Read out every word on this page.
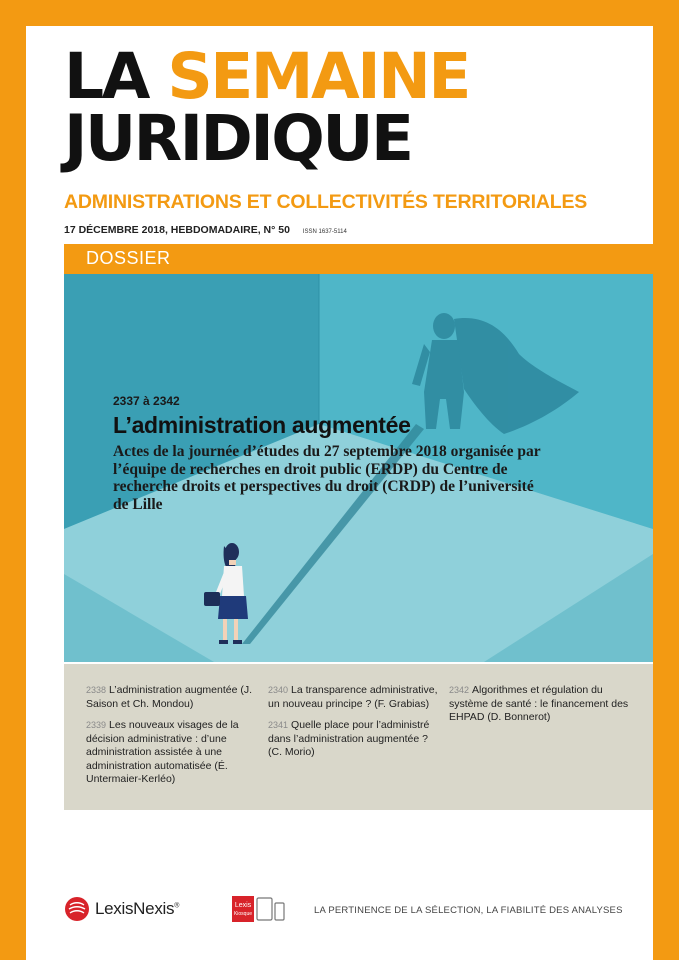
LA SEMAINE
JURIDIQUE
ADMINISTRATIONS ET COLLECTIVITÉS TERRITORIALES
17 DÉCEMBRE 2018, HEBDOMADAIRE, N° 50 ISSN 1637-5114
DOSSIER
2337 à 2342
L’administration augmentée
Actes de la journée d’études du 27 septembre 2018 organisée par l’équipe de recherches en droit public (ERDP) du Centre de recherche droits et perspectives du droit (CRDP) de l’université de Lille
2338 L’administration augmentée (J. Saison et Ch. Mondou)
2339 Les nouveaux visages de la décision administrative : d’une administration assistée à une administration automatisée (É. Untermaier-Kerléo)
2340 La transparence administrative, un nouveau principe ? (F. Grabias)
2341 Quelle place pour l’administré dans l’administration augmentée ? (C. Morio)
2342 Algorithmes et régulation du système de santé : le financement des EHPAD (D. Bonnerot)
LexisNexis®	Lexis
Kiosque	LA PERTINENCE DE LA SÉLECTION, LA FIABILITÉ DES ANALYSES
